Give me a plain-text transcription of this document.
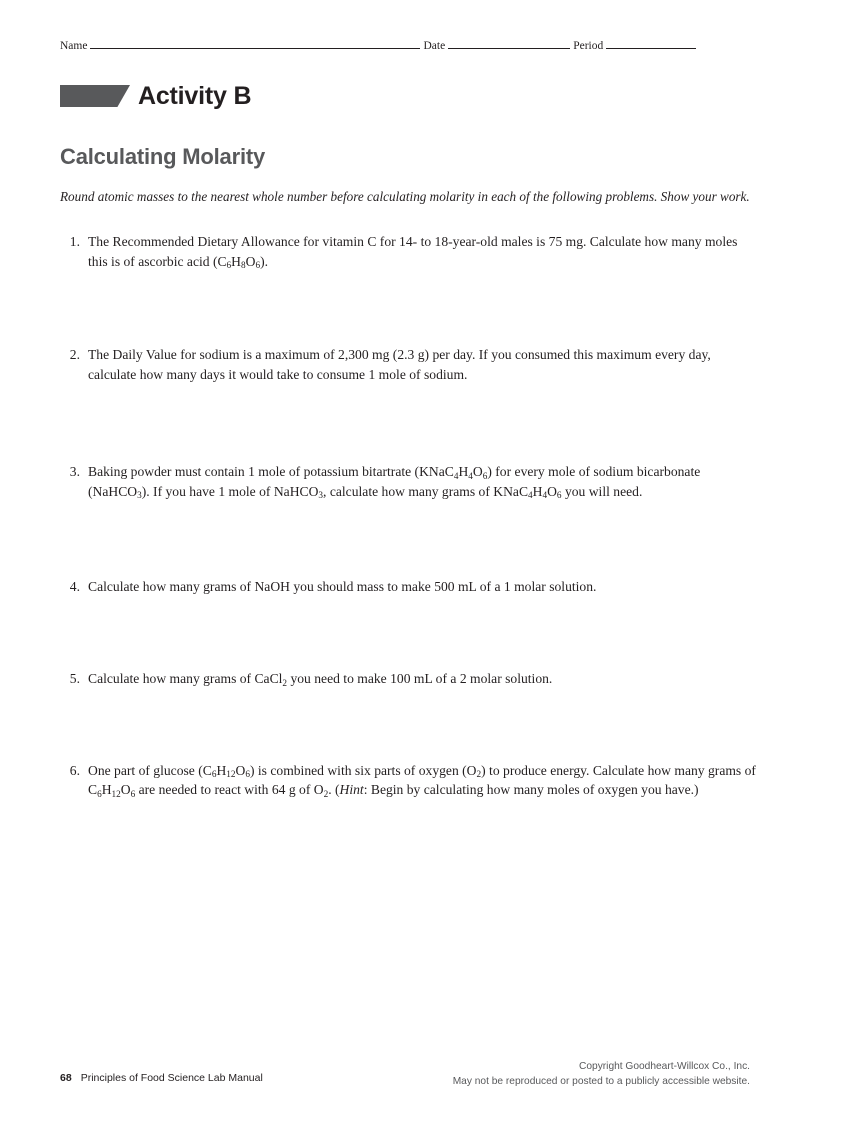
Name	Date	Period
Activity B
Calculating Molarity
Round atomic masses to the nearest whole number before calculating molarity in each of the following problems. Show your work.
1. The Recommended Dietary Allowance for vitamin C for 14- to 18-year-old males is 75 mg. Calculate how many moles this is of ascorbic acid $(C_6H_8O_6)$.
2. The Daily Value for sodium is a maximum of 2,300 mg (2.3 g) per day. If you consumed this maximum every day, calculate how many days it would take to consume 1 mole of sodium.
3. Baking powder must contain 1 mole of potassium bitartrate $(KNaC_4H_4O_6)$ for every mole of sodium bicarbonate (NaHCO$_3$). If you have 1 mole of NaHCO$_3$, calculate how many grams of $KNaC_4H_4O_6$ you will need.
4. Calculate how many grams of NaOH you should mass to make 500 mL of a 1 molar solution.
5. Calculate how many grams of CaCl$_2$ you need to make 100 mL of a 2 molar solution.
6. One part of glucose $(C_6H_{12}O_6)$ is combined with six parts of oxygen $(O_2)$ to produce energy. Calculate how many grams of $C_6H_{12}O_6$ are needed to react with 64 g of $O_2$. (Hint: Begin by calculating how many moles of oxygen you have.)
68 Principles of Food Science Lab Manual
Copyright Goodheart-Willcox Co., Inc.
May not be reproduced or posted to a publicly accessible website.
